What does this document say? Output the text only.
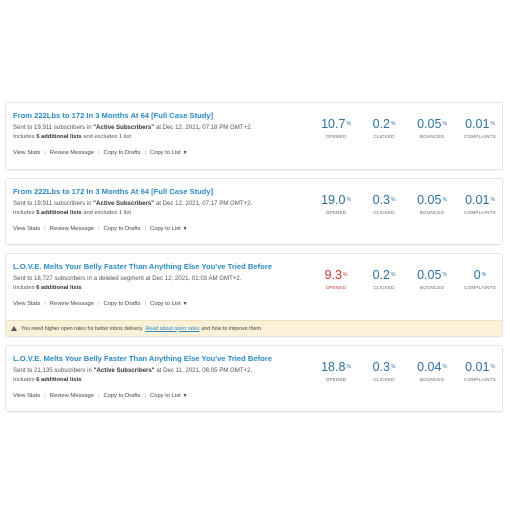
From 222Lbs to 172 In 3 Months At 64 [Full Case Study]
Sent to 19,911 subscribers in "Active Subscribers" at Dec 12, 2021, 07:18 PM GMT+2.
Includes 5 additional lists and excludes 1 list
View Stats | Review Message | Copy to Drafts | Copy to List ▼
10.7%
OPENED
0.2%
CLICKED
0.05%
BOUNCED
0.01%
COMPLAINTS
From 222Lbs to 172 In 3 Months At 64 [Full Case Study]
Sent to 19,911 subscribers in "Active Subscribers" at Dec 12, 2021, 07:17 PM GMT+2.
Includes 5 additional lists and excludes 1 list
View Stats | Review Message | Copy to Drafts | Copy to List ▼
19.0%
OPENED
0.3%
CLICKED
0.05%
BOUNCED
0.01%
COMPLAINTS
L.O.V.E. Melts Your Belly Faster Than Anything Else You've Tried Before
Sent to 18,727 subscribers in a deleted segment at Dec 12, 2021, 01:03 AM GMT+2.
Includes 6 additional lists
View Stats | Review Message | Copy to Drafts | Copy to List ▼
9.3%
OPENED
0.2%
CLICKED
0.05%
BOUNCED
0%
COMPLAINTS
You need higher open rates for better inbox delivery. Read about open rates and how to improve them.
L.O.V.E. Melts Your Belly Faster Than Anything Else You've Tried Before
Sent to 21,135 subscribers in "Active Subscribers" at Dec 11, 2021, 06:05 PM GMT+2.
Includes 6 additional lists
View Stats | Review Message | Copy to Drafts | Copy to List ▼
18.8%
OPENED
0.3%
CLICKED
0.04%
BOUNCED
0.01%
COMPLAINTS
